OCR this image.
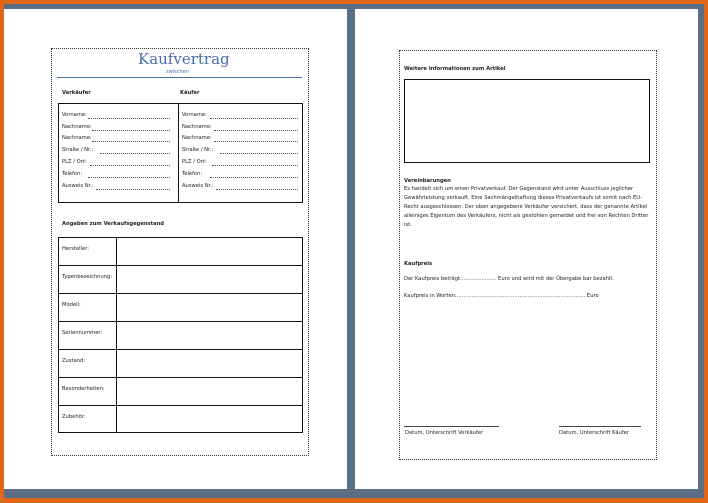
Kaufvertrag
zwischen
Verkäufer	Käufer
Vorname:
Nachname:
Nachname:
Straße / Nr.:
PLZ / Ort:
Telefon:
Ausweis Nr.:
Vorname:
Nachname:
Nachname:
Straße / Nr.:
PLZ / Ort:
Telefon:
Ausweis Nr.:
Angaben zum Verkaufsgegenstand
Hersteller:
Typenbezeichnung:
Modell:
Seriennummer:
Zustand:
Besonderheiten:
Zubehör:
Weitere Informationen zum Artikel
Vereinbarungen
Es handelt sich um einen Privatverkauf. Der Gegenstand wird unter Ausschluss jeglicher
Gewährleistung verkauft. Eine Sachmängelhaftung dieses Privatverkaufs ist somit nach EU-
Recht ausgeschlossen. Der oben angegebene Verkäufer versichert, dass der genannte Artikel
alleiniges Eigentum des Verkäufers, nicht als gestohlen gemeldet und frei von Rechten Dritter
ist.
Kaufpreis
Der Kaufpreis beträgt:..................... Euro und wird mit der Übergabe bar bezahlt.
Kaufpreis in Worten:.............................................................................. Euro
Datum, Unterschrift Verkäufer	Datum, Unterschrift Käufer
